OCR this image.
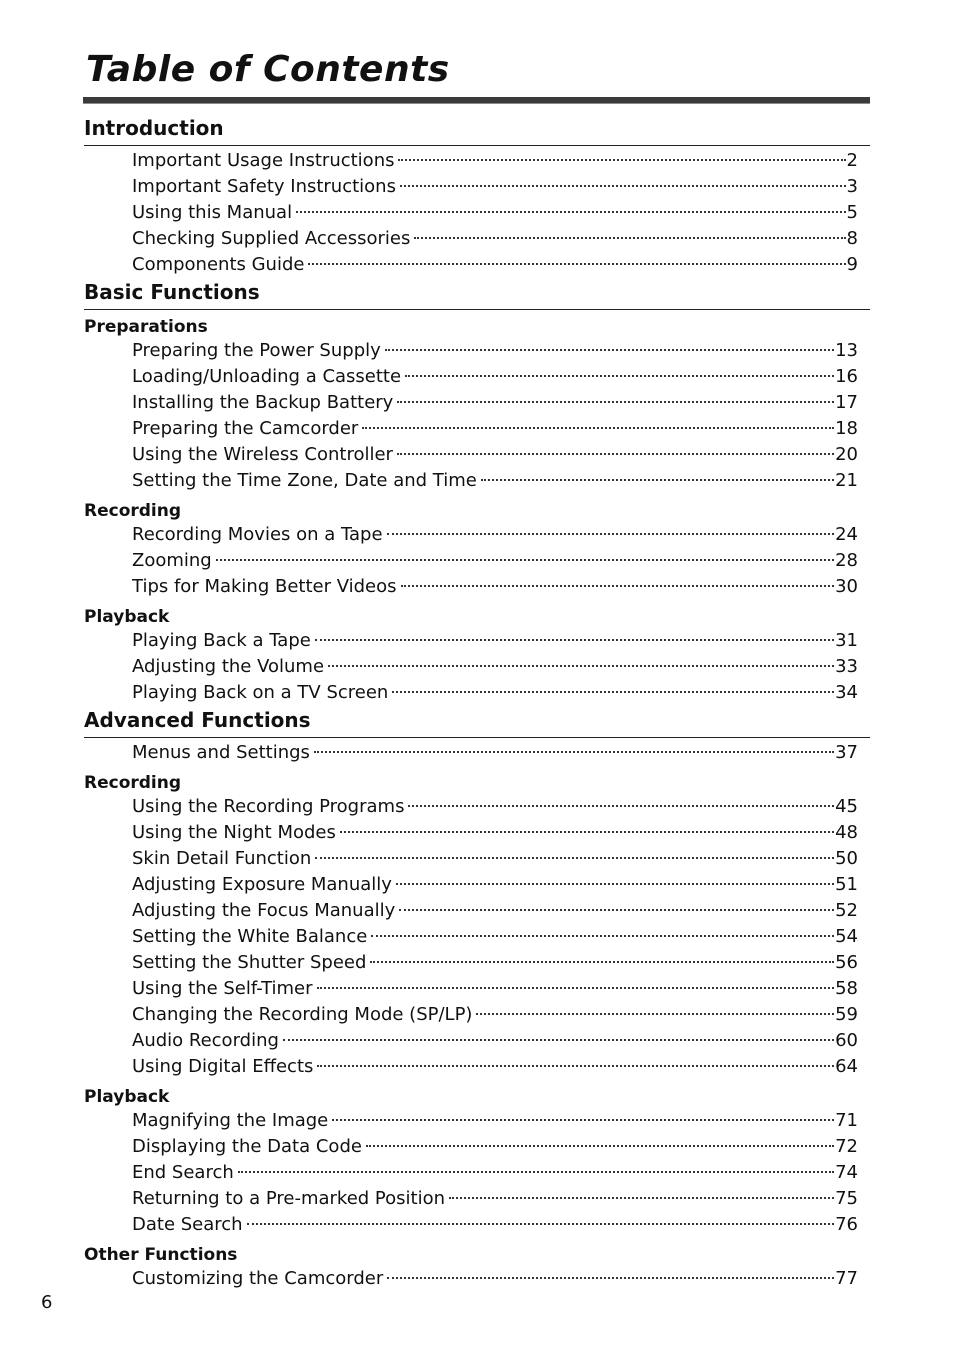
Table of Contents
Introduction
Important Usage Instructions	2
Important Safety Instructions	3
Using this Manual	5
Checking Supplied Accessories	8
Components Guide	9
Basic Functions
Preparations
Preparing the Power Supply	13
Loading/Unloading a Cassette	16
Installing the Backup Battery	17
Preparing the Camcorder	18
Using the Wireless Controller	20
Setting the Time Zone, Date and Time	21
Recording
Recording Movies on a Tape	24
Zooming	28
Tips for Making Better Videos	30
Playback
Playing Back a Tape	31
Adjusting the Volume	33
Playing Back on a TV Screen	34
Advanced Functions
Menus and Settings	37
Recording
Using the Recording Programs	45
Using the Night Modes	48
Skin Detail Function	50
Adjusting Exposure Manually	51
Adjusting the Focus Manually	52
Setting the White Balance	54
Setting the Shutter Speed	56
Using the Self-Timer	58
Changing the Recording Mode (SP/LP)	59
Audio Recording	60
Using Digital Effects	64
Playback
Magnifying the Image	71
Displaying the Data Code	72
End Search	74
Returning to a Pre-marked Position	75
Date Search	76
Other Functions
Customizing the Camcorder	77
6
